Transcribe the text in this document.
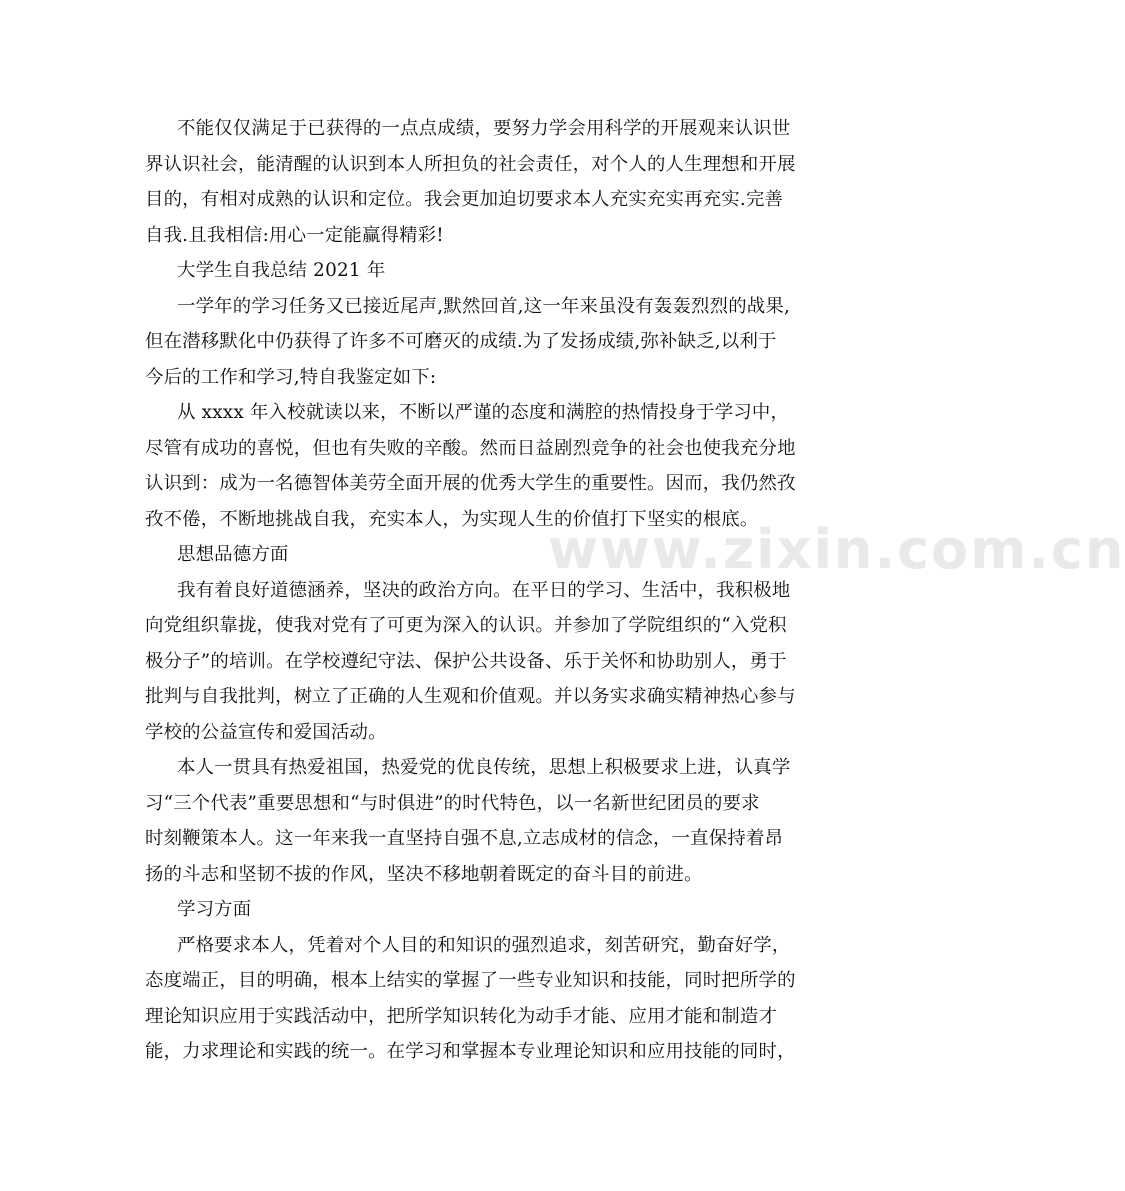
www.zixin.com.cn
不能仅仅满足于已获得的一点点成绩，要努力学会用科学的开展观来认识世
界认识社会，能清醒的认识到本人所担负的社会责任，对个人的人生理想和开展
目的，有相对成熟的认识和定位。我会更加迫切要求本人充实充实再充实.完善
自我.且我相信:用心一定能赢得精彩!
大学生自我总结 2021 年
一学年的学习任务又已接近尾声,默然回首,这一年来虽没有轰轰烈烈的战果,
但在潜移默化中仍获得了许多不可磨灭的成绩.为了发扬成绩,弥补缺乏,以利于
今后的工作和学习,特自我鉴定如下:
从 xxxx 年入校就读以来，不断以严谨的态度和满腔的热情投身于学习中，
尽管有成功的喜悦，但也有失败的辛酸。然而日益剧烈竞争的社会也使我充分地
认识到：成为一名德智体美劳全面开展的优秀大学生的重要性。因而，我仍然孜
孜不倦，不断地挑战自我，充实本人，为实现人生的价值打下坚实的根底。
思想品德方面
我有着良好道德涵养，坚决的政治方向。在平日的学习、生活中，我积极地
向党组织靠拢，使我对党有了可更为深入的认识。并参加了学院组织的“入党积
极分子”的培训。在学校遵纪守法、保护公共设备、乐于关怀和协助别人，勇于
批判与自我批判，树立了正确的人生观和价值观。并以务实求确实精神热心参与
学校的公益宣传和爱国活动。
本人一贯具有热爱祖国，热爱党的优良传统，思想上积极要求上进，认真学
习“三个代表”重要思想和“与时俱进”的时代特色，以一名新世纪团员的要求
时刻鞭策本人。这一年来我一直坚持自强不息,立志成材的信念，一直保持着昂
扬的斗志和坚韧不拔的作风，坚决不移地朝着既定的奋斗目的前进。
学习方面
严格要求本人，凭着对个人目的和知识的强烈追求，刻苦研究，勤奋好学，
态度端正，目的明确，根本上结实的掌握了一些专业知识和技能，同时把所学的
理论知识应用于实践活动中，把所学知识转化为动手才能、应用才能和制造才
能，力求理论和实践的统一。在学习和掌握本专业理论知识和应用技能的同时，
